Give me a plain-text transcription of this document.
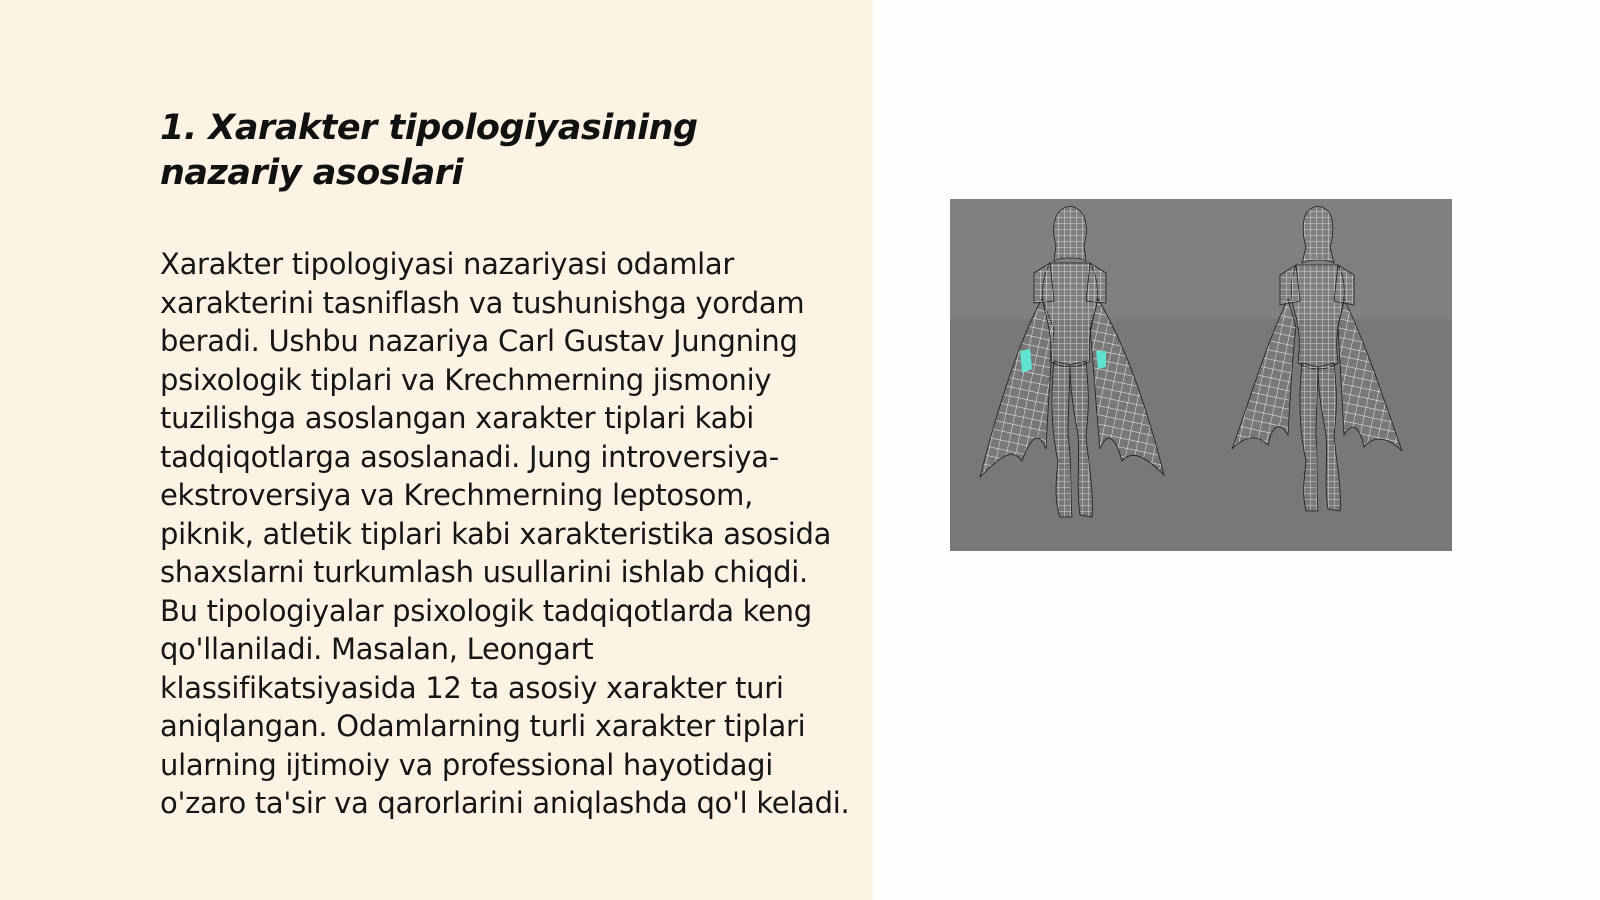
1. Xarakter tipologiyasining nazariy asoslari

Xarakter tipologiyasi nazariyasi odamlar xarakterini tasniflash va tushunishga yordam beradi. Ushbu nazariya Carl Gustav Jungning psixologik tiplari va Krechmerning jismoniy tuzilishga asoslangan xarakter tiplari kabi tadqiqotlarga asoslanadi. Jung introversiya-ekstroversiya va Krechmerning leptosom, piknik, atletik tiplari kabi xarakteristika asosida shaxslarni turkumlash usullarini ishlab chiqdi. Bu tipologiyalar psixologik tadqiqotlarda keng qo'llaniladi. Masalan, Leongart klassifikatsiyasida 12 ta asosiy xarakter turi aniqlangan. Odamlarning turli xarakter tiplari ularning ijtimoiy va professional hayotidagi o'zaro ta'sir va qarorlarini aniqlashda qo'l keladi.
